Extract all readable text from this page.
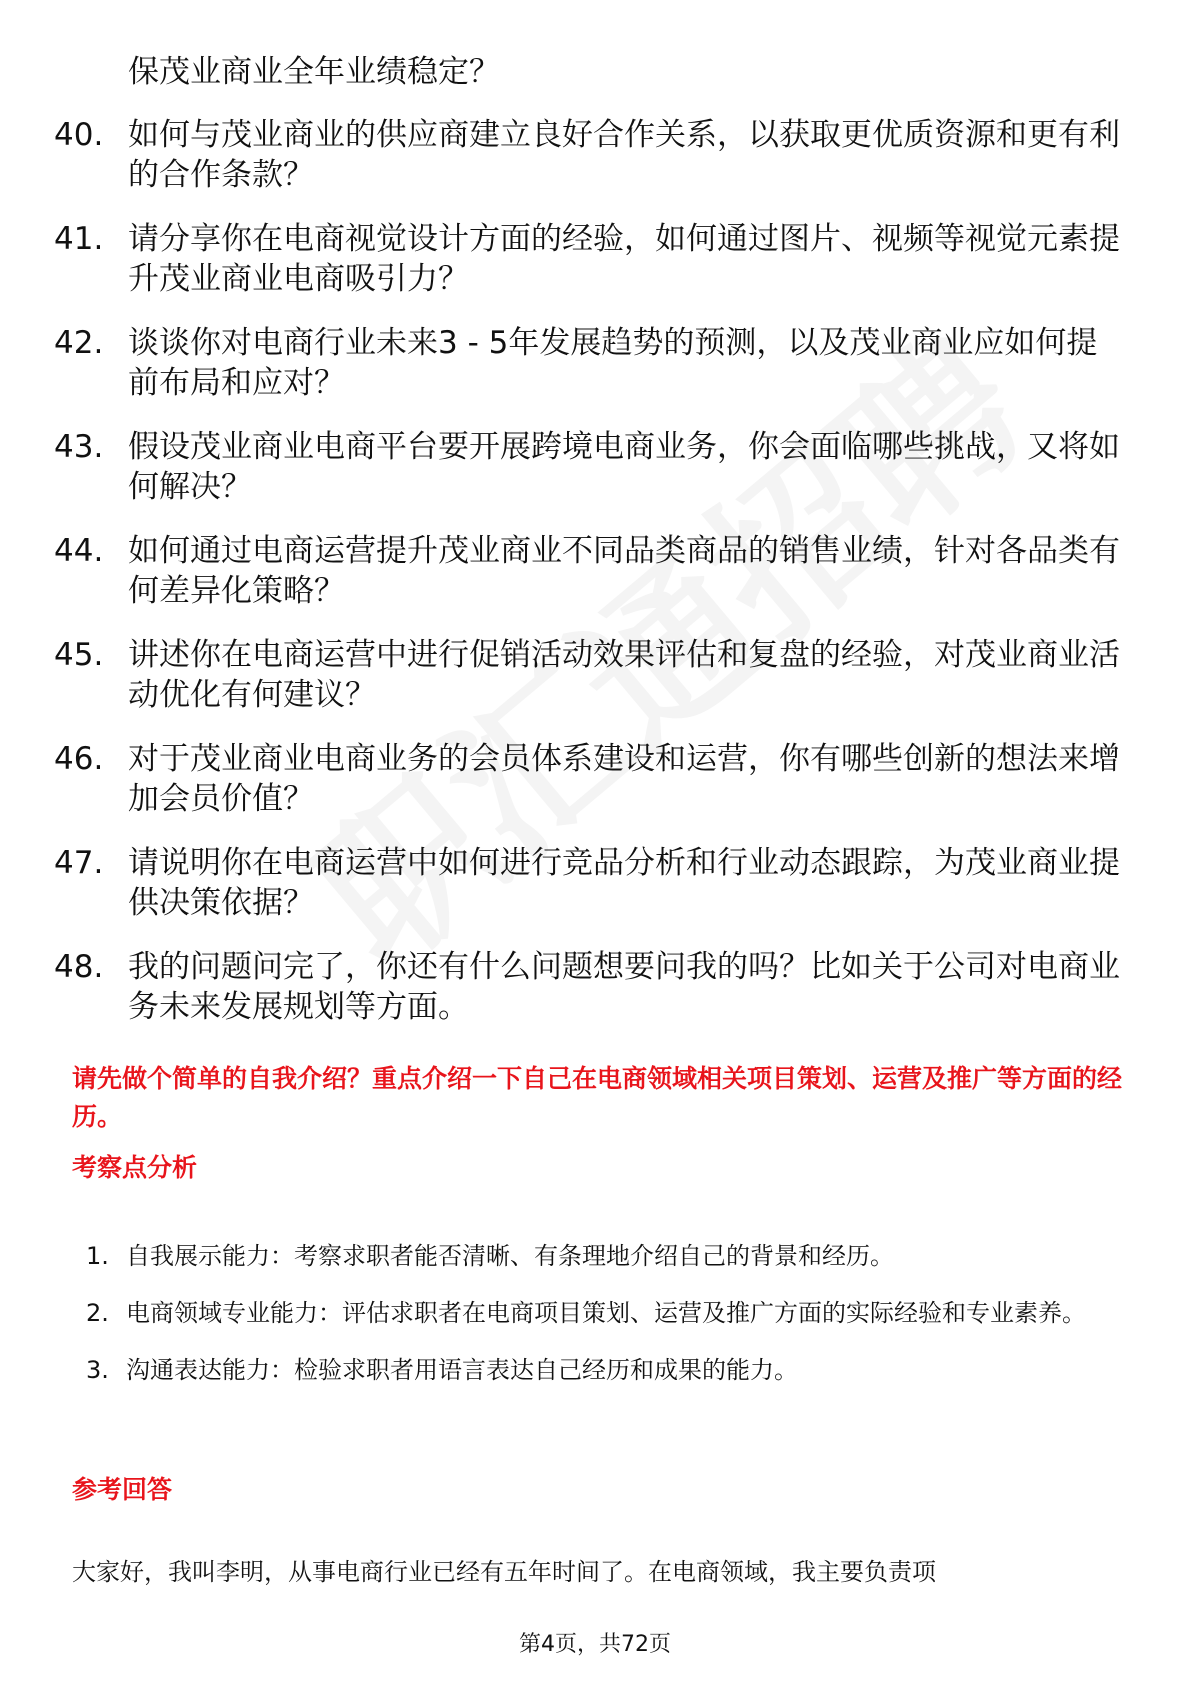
保茂业商业全年业绩稳定？
40. 如何与茂业商业的供应商建立良好合作关系，以获取更优质资源和更有利的合作条款？
41. 请分享你在电商视觉设计方面的经验，如何通过图片、视频等视觉元素提升茂业商业电商吸引力？
42. 谈谈你对电商行业未来3 - 5年发展趋势的预测，以及茂业商业应如何提前布局和应对？
43. 假设茂业商业电商平台要开展跨境电商业务，你会面临哪些挑战，又将如何解决？
44. 如何通过电商运营提升茂业商业不同品类商品的销售业绩，针对各品类有何差异化策略？
45. 讲述你在电商运营中进行促销活动效果评估和复盘的经验，对茂业商业活动优化有何建议？
46. 对于茂业商业电商业务的会员体系建设和运营，你有哪些创新的想法来增加会员价值？
47. 请说明你在电商运营中如何进行竞品分析和行业动态跟踪，为茂业商业提供决策依据？
48. 我的问题问完了，你还有什么问题想要问我的吗？比如关于公司对电商业务未来发展规划等方面。
请先做个简单的自我介绍？重点介绍一下自己在电商领域相关项目策划、运营及推广等方面的经历。
考察点分析
1. 自我展示能力：考察求职者能否清晰、有条理地介绍自己的背景和经历。
2. 电商领域专业能力：评估求职者在电商项目策划、运营及推广方面的实际经验和专业素养。
3. 沟通表达能力：检验求职者用语言表达自己经历和成果的能力。
参考回答
大家好，我叫李明，从事电商行业已经有五年时间了。在电商领域，我主要负责项
第4页，共72页
